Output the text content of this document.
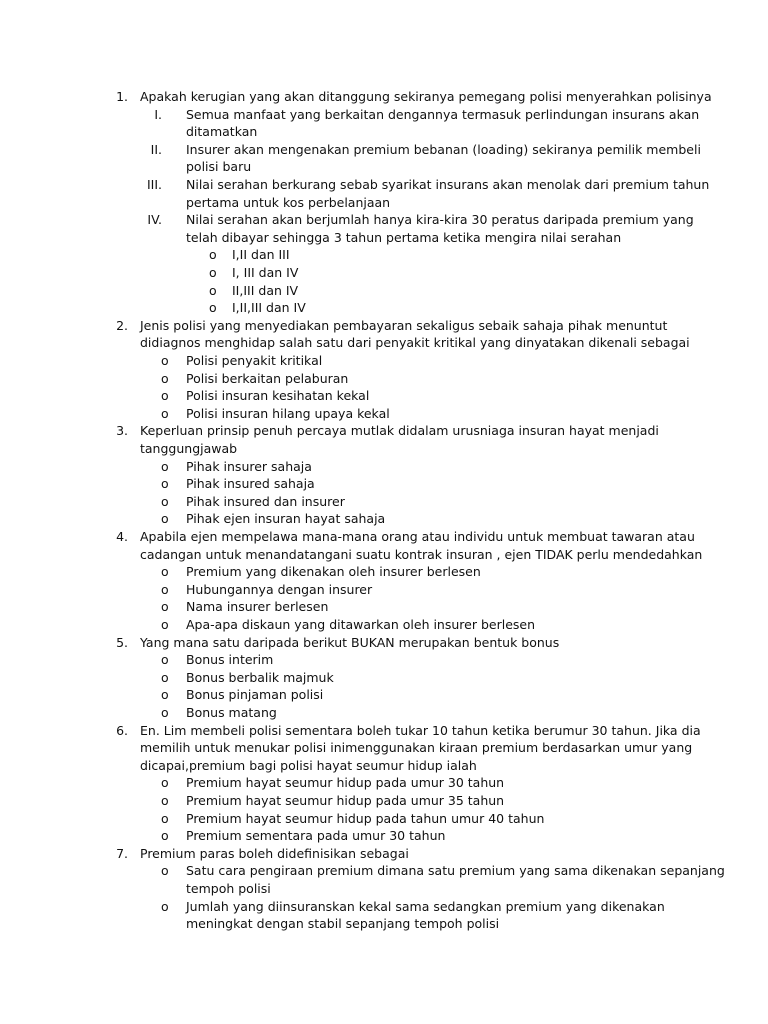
1. Apakah kerugian yang akan ditanggung sekiranya pemegang polisi menyerahkan polisinya
I. Semua manfaat yang berkaitan dengannya termasuk perlindungan insurans akan
ditamatkan
II. Insurer akan mengenakan premium bebanan (loading) sekiranya pemilik membeli
polisi baru
III. Nilai serahan berkurang sebab syarikat insurans akan menolak dari premium tahun
pertama untuk kos perbelanjaan
IV. Nilai serahan akan berjumlah hanya kira-kira 30 peratus daripada premium yang
telah dibayar sehingga 3 tahun pertama ketika mengira nilai serahan
o	I,II dan III
o	I, III dan IV
o	II,III dan IV
o	I,II,III dan IV
2. Jenis polisi yang menyediakan pembayaran sekaligus sebaik sahaja pihak menuntut
didiagnos menghidap salah satu dari penyakit kritikal yang dinyatakan dikenali sebagai
o	Polisi penyakit kritikal
o	Polisi berkaitan pelaburan
o	Polisi insuran kesihatan kekal
o	Polisi insuran hilang upaya kekal
3. Keperluan prinsip penuh percaya mutlak didalam urusniaga insuran hayat menjadi
tanggungjawab
o	Pihak insurer sahaja
o	Pihak insured sahaja
o	Pihak insured dan insurer
o	Pihak ejen insuran hayat sahaja
4. Apabila ejen mempelawa mana-mana orang atau individu untuk membuat tawaran atau
cadangan untuk menandatangani suatu kontrak insuran , ejen TIDAK perlu mendedahkan
o	Premium yang dikenakan oleh insurer berlesen
o	Hubungannya dengan insurer
o	Nama insurer berlesen
o	Apa-apa diskaun yang ditawarkan oleh insurer berlesen
5. Yang mana satu daripada berikut BUKAN merupakan bentuk bonus
o	Bonus interim
o	Bonus berbalik majmuk
o	Bonus pinjaman polisi
o	Bonus matang
6. En. Lim membeli polisi sementara boleh tukar 10 tahun ketika berumur 30 tahun. Jika dia
memilih untuk menukar polisi inimenggunakan kiraan premium berdasarkan umur yang
dicapai,premium bagi polisi hayat seumur hidup ialah
o	Premium hayat seumur hidup pada umur 30 tahun
o	Premium hayat seumur hidup pada umur 35 tahun
o	Premium hayat seumur hidup pada tahun umur 40 tahun
o	Premium sementara pada umur 30 tahun
7. Premium paras boleh didefinisikan sebagai
o	Satu cara pengiraan premium dimana satu premium yang sama dikenakan sepanjang
tempoh polisi
o	Jumlah yang diinsuranskan kekal sama sedangkan premium yang dikenakan
meningkat dengan stabil sepanjang tempoh polisi
